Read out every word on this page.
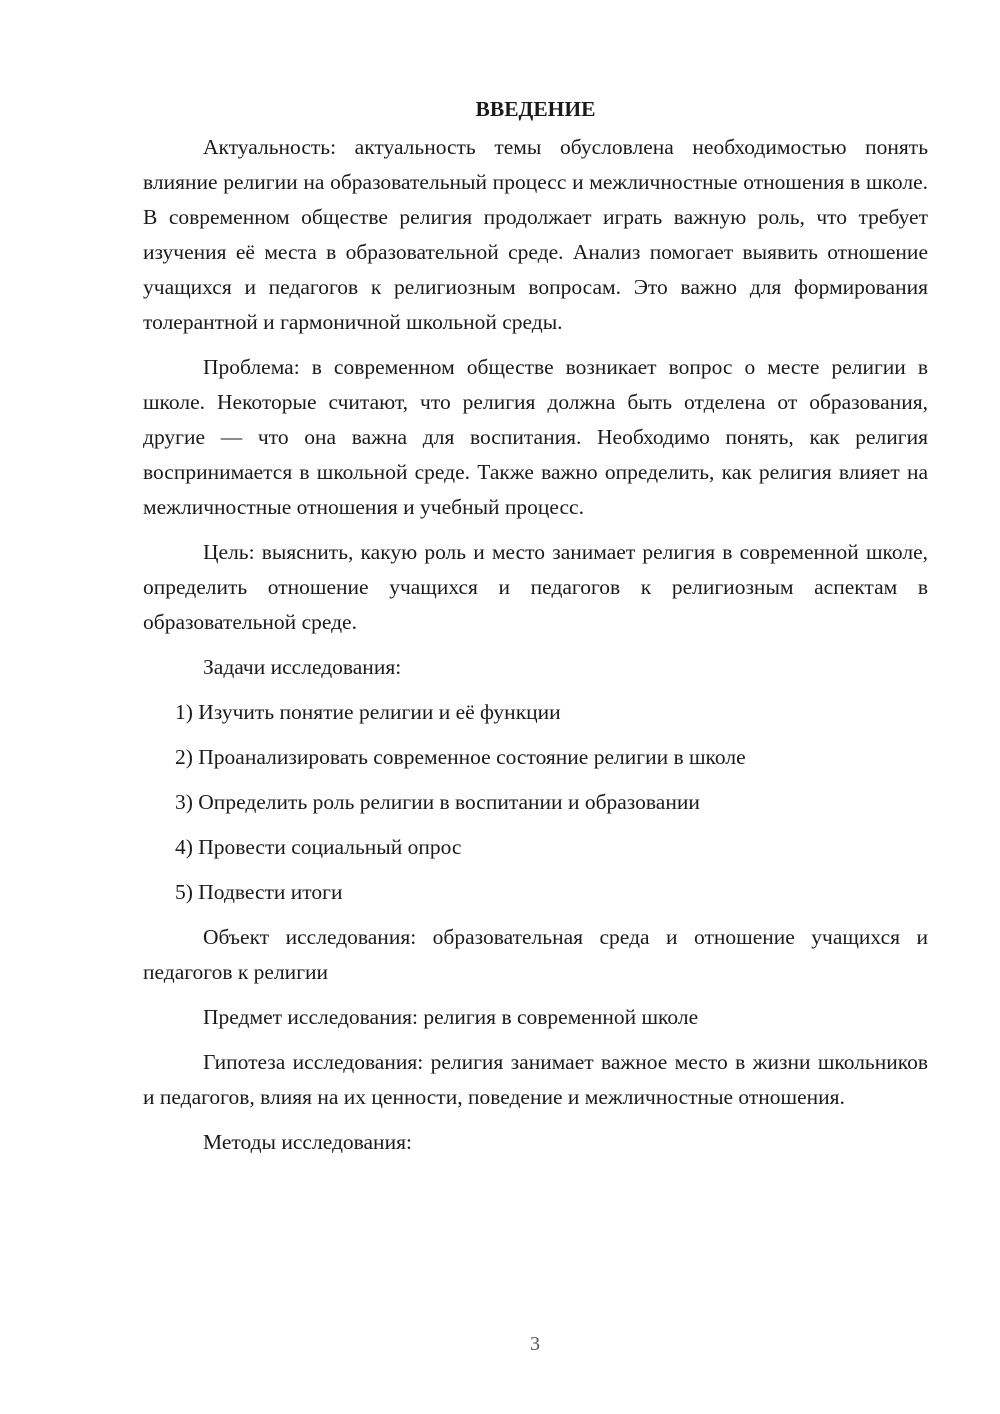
ВВЕДЕНИЕ

Актуальность: актуальность темы обусловлена необходимостью понять влияние религии на образовательный процесс и межличностные отношения в школе. В современном обществе религия продолжает играть важную роль, что требует изучения её места в образовательной среде. Анализ помогает выявить отношение учащихся и педагогов к религиозным вопросам. Это важно для формирования толерантной и гармоничной школьной среды.

Проблема: в современном обществе возникает вопрос о месте религии в школе. Некоторые считают, что религия должна быть отделена от образования, другие — что она важна для воспитания. Необходимо понять, как религия воспринимается в школьной среде. Также важно определить, как религия влияет на межличностные отношения и учебный процесс.

Цель: выяснить, какую роль и место занимает религия в современной школе, определить отношение учащихся и педагогов к религиозным аспектам в образовательной среде.

Задачи исследования:
1) Изучить понятие религии и её функции
2) Проанализировать современное состояние религии в школе
3) Определить роль религии в воспитании и образовании
4) Провести социальный опрос
5) Подвести итоги

Объект исследования: образовательная среда и отношение учащихся и педагогов к религии

Предмет исследования: религия в современной школе

Гипотеза исследования: религия занимает важное место в жизни школьников и педагогов, влияя на их ценности, поведение и межличностные отношения.

Методы исследования:
3
